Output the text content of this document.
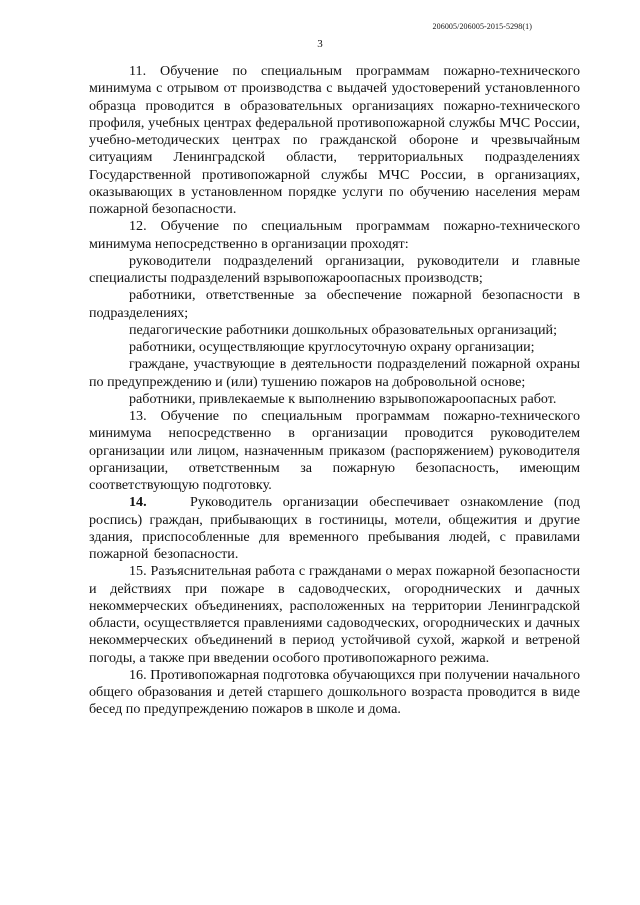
206005/206005-2015-5298(1)
3

11. Обучение по специальным программам пожарно-технического минимума с отрывом от производства с выдачей удостоверений установленного образца проводится в образовательных организациях пожарно-технического профиля, учебных центрах федеральной противопожарной службы МЧС России, учебно-методических центрах по гражданской обороне и чрезвычайным ситуациям Ленинградской области, территориальных подразделениях Государственной противопожарной службы МЧС России, в организациях, оказывающих в установленном порядке услуги по обучению населения мерам пожарной безопасности.

12. Обучение по специальным программам пожарно-технического минимума непосредственно в организации проходят:

руководители подразделений организации, руководители и главные специалисты подразделений взрывопожароопасных производств;

работники, ответственные за обеспечение пожарной безопасности в подразделениях;

педагогические работники дошкольных образовательных организаций;

работники, осуществляющие круглосуточную охрану организации;

граждане, участвующие в деятельности подразделений пожарной охраны по предупреждению и (или) тушению пожаров на добровольной основе;

работники, привлекаемые к выполнению взрывопожароопасных работ.

13. Обучение по специальным программам пожарно-технического минимума непосредственно в организации проводится руководителем организации или лицом, назначенным приказом (распоряжением) руководителя организации, ответственным за пожарную безопасность, имеющим соответствующую подготовку.

14.	Руководитель организации обеспечивает ознакомление (под роспись) граждан, прибывающих в гостиницы, мотели, общежития и другие здания, приспособленные для временного пребывания людей, с правилами пожарной безопасности.

15. Разъяснительная работа с гражданами о мерах пожарной безопасности и действиях при пожаре в садоводческих, огороднических и дачных некоммерческих объединениях, расположенных на территории Ленинградской области, осуществляется правлениями садоводческих, огороднических и дачных некоммерческих объединений в период устойчивой сухой, жаркой и ветреной погоды, а также при введении особого противопожарного режима.

16. Противопожарная подготовка обучающихся при получении начального общего образования и детей старшего дошкольного возраста проводится в виде бесед по предупреждению пожаров в школе и дома.
